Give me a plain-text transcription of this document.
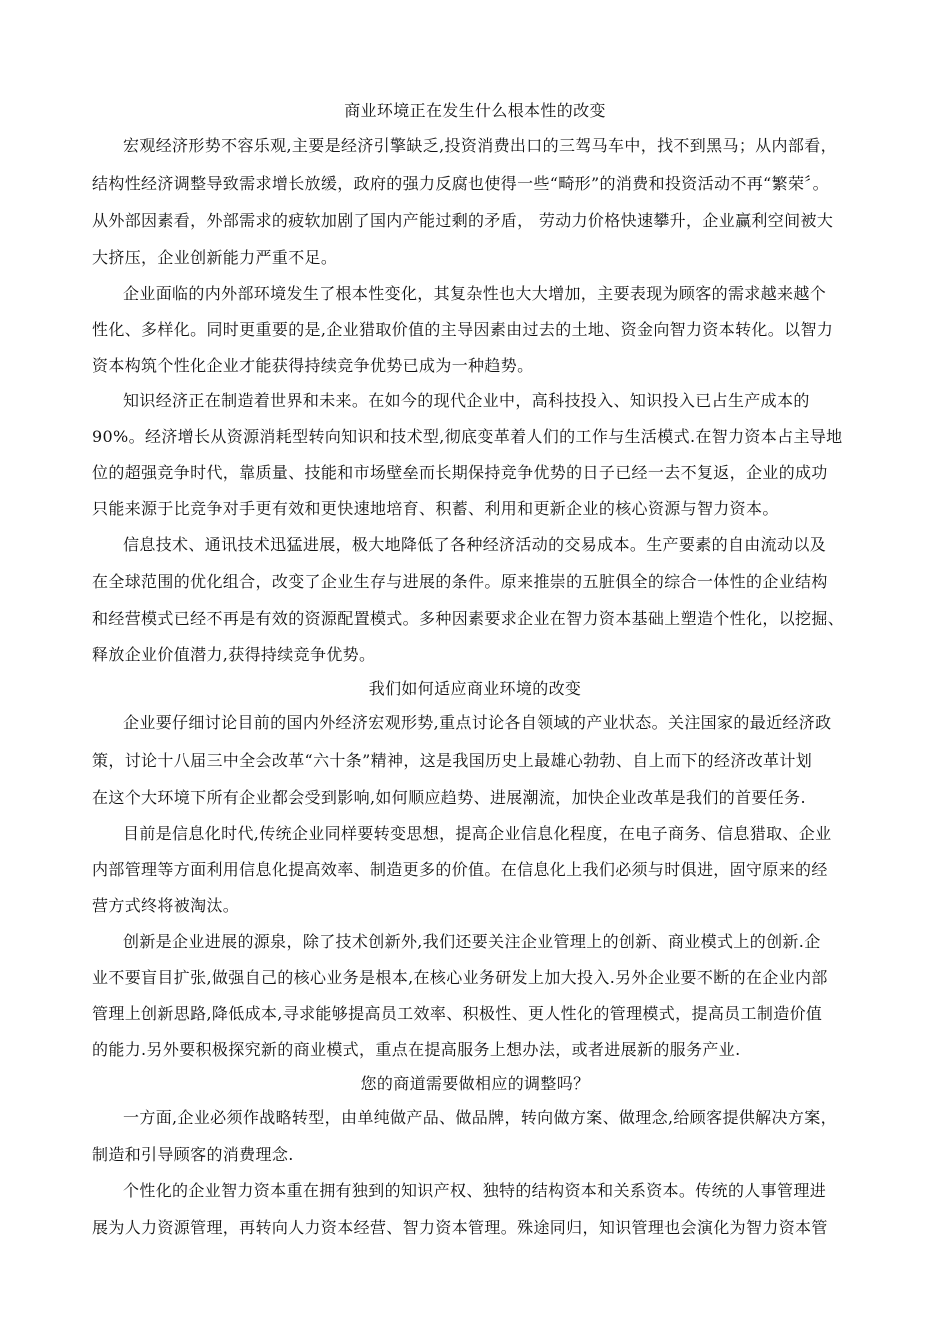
商业环境正在发生什么根本性的改变
宏观经济形势不容乐观,主要是经济引擎缺乏,投资消费出口的三驾马车中，找不到黑马；从内部看，
结构性经济调整导致需求增长放缓，政府的强力反腐也使得一些“畸形”的消费和投资活动不再“繁荣〞。
从外部因素看，外部需求的疲软加剧了国内产能过剩的矛盾， 劳动力价格快速攀升，企业赢利空间被大
大挤压，企业创新能力严重不足。
企业面临的内外部环境发生了根本性变化，其复杂性也大大增加，主要表现为顾客的需求越来越个
性化、多样化。同时更重要的是,企业猎取价值的主导因素由过去的土地、资金向智力资本转化。以智力
资本构筑个性化企业才能获得持续竞争优势已成为一种趋势。
知识经济正在制造着世界和未来。在如今的现代企业中，高科技投入、知识投入已占生产成本的
90%。经济增长从资源消耗型转向知识和技术型,彻底变革着人们的工作与生活模式.在智力资本占主导地
位的超强竞争时代，靠质量、技能和市场壁垒而长期保持竞争优势的日子已经一去不复返，企业的成功
只能来源于比竞争对手更有效和更快速地培育、积蓄、利用和更新企业的核心资源与智力资本。
信息技术、通讯技术迅猛进展，极大地降低了各种经济活动的交易成本。生产要素的自由流动以及
在全球范围的优化组合，改变了企业生存与进展的条件。原来推崇的五脏俱全的综合一体性的企业结构
和经营模式已经不再是有效的资源配置模式。多种因素要求企业在智力资本基础上塑造个性化，以挖掘、
释放企业价值潜力,获得持续竞争优势。
我们如何适应商业环境的改变
企业要仔细讨论目前的国内外经济宏观形势,重点讨论各自领域的产业状态。关注国家的最近经济政
策，讨论十八届三中全会改革“六十条”精神，这是我国历史上最雄心勃勃、自上而下的经济改革计划
在这个大环境下所有企业都会受到影响,如何顺应趋势、进展潮流，加快企业改革是我们的首要任务.
目前是信息化时代,传统企业同样要转变思想，提高企业信息化程度，在电子商务、信息猎取、企业
内部管理等方面利用信息化提高效率、制造更多的价值。在信息化上我们必须与时俱进，固守原来的经
营方式终将被淘汰。
创新是企业进展的源泉，除了技术创新外,我们还要关注企业管理上的创新、商业模式上的创新.企
业不要盲目扩张,做强自己的核心业务是根本,在核心业务研发上加大投入.另外企业要不断的在企业内部
管理上创新思路,降低成本,寻求能够提高员工效率、积极性、更人性化的管理模式，提高员工制造价值
的能力.另外要积极探究新的商业模式，重点在提高服务上想办法，或者进展新的服务产业.
您的商道需要做相应的调整吗？
一方面,企业必须作战略转型，由单纯做产品、做品牌，转向做方案、做理念,给顾客提供解决方案，
制造和引导顾客的消费理念.
个性化的企业智力资本重在拥有独到的知识产权、独特的结构资本和关系资本。传统的人事管理进
展为人力资源管理，再转向人力资本经营、智力资本管理。殊途同归，知识管理也会演化为智力资本管
